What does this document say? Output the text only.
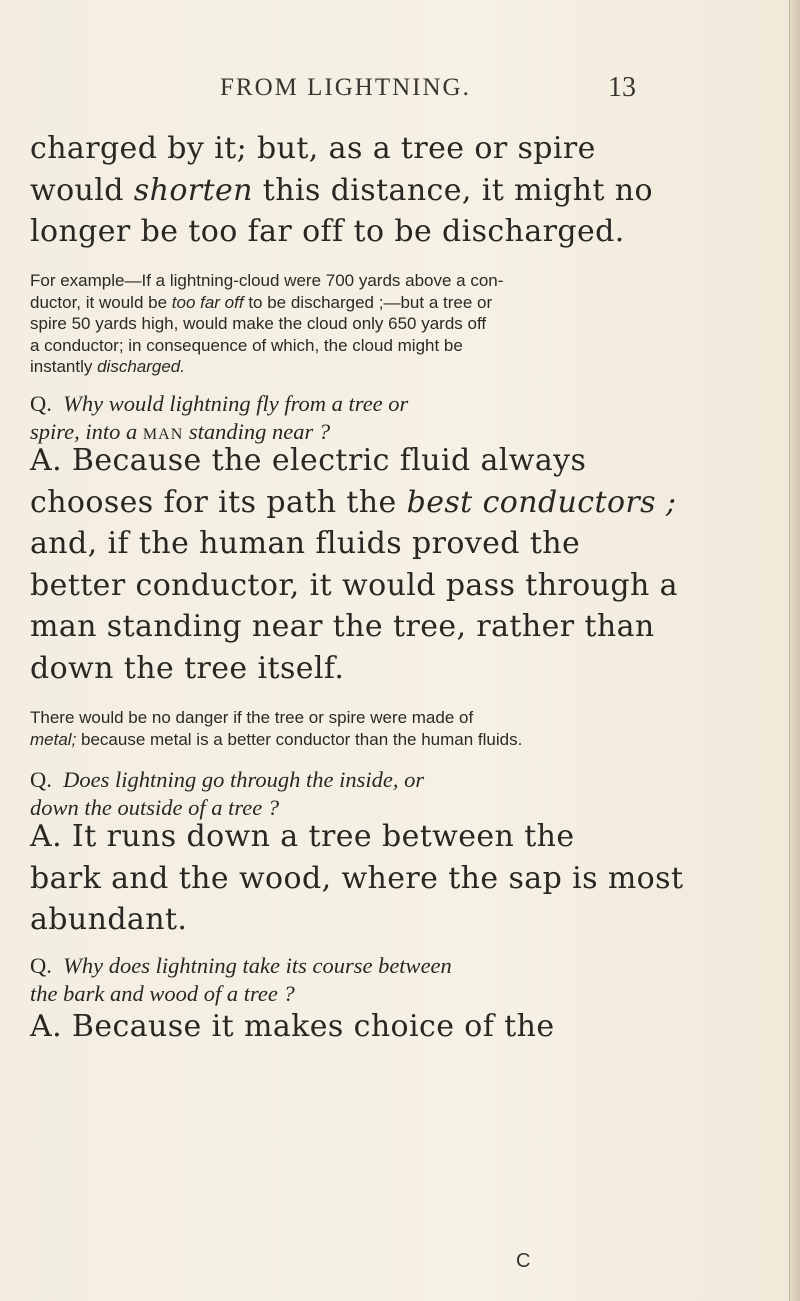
FROM LIGHTNING.	13

charged by it; but, as a tree or spire
would shorten this distance, it might no
longer be too far off to be discharged.

For example—If a lightning-cloud were 700 yards above a con-
ductor, it would be too far off to be discharged ;—but a tree or
spire 50 yards high, would make the cloud only 650 yards off
a conductor; in consequence of which, the cloud might be
instantly discharged.

Q. Why would lightning fly from a tree or
spire, into a man standing near ?

A. Because the electric fluid always
chooses for its path the best conductors ;
and, if the human fluids proved the
better conductor, it would pass through a
man standing near the tree, rather than
down the tree itself.

There would be no danger if the tree or spire were made of
metal; because metal is a better conductor than the human fluids.

Q. Does lightning go through the inside, or
down the outside of a tree ?

A. It runs down a tree between the
bark and the wood, where the sap is most
abundant.

Q. Why does lightning take its course between
the bark and wood of a tree ?

A. Because it makes choice of the

C
